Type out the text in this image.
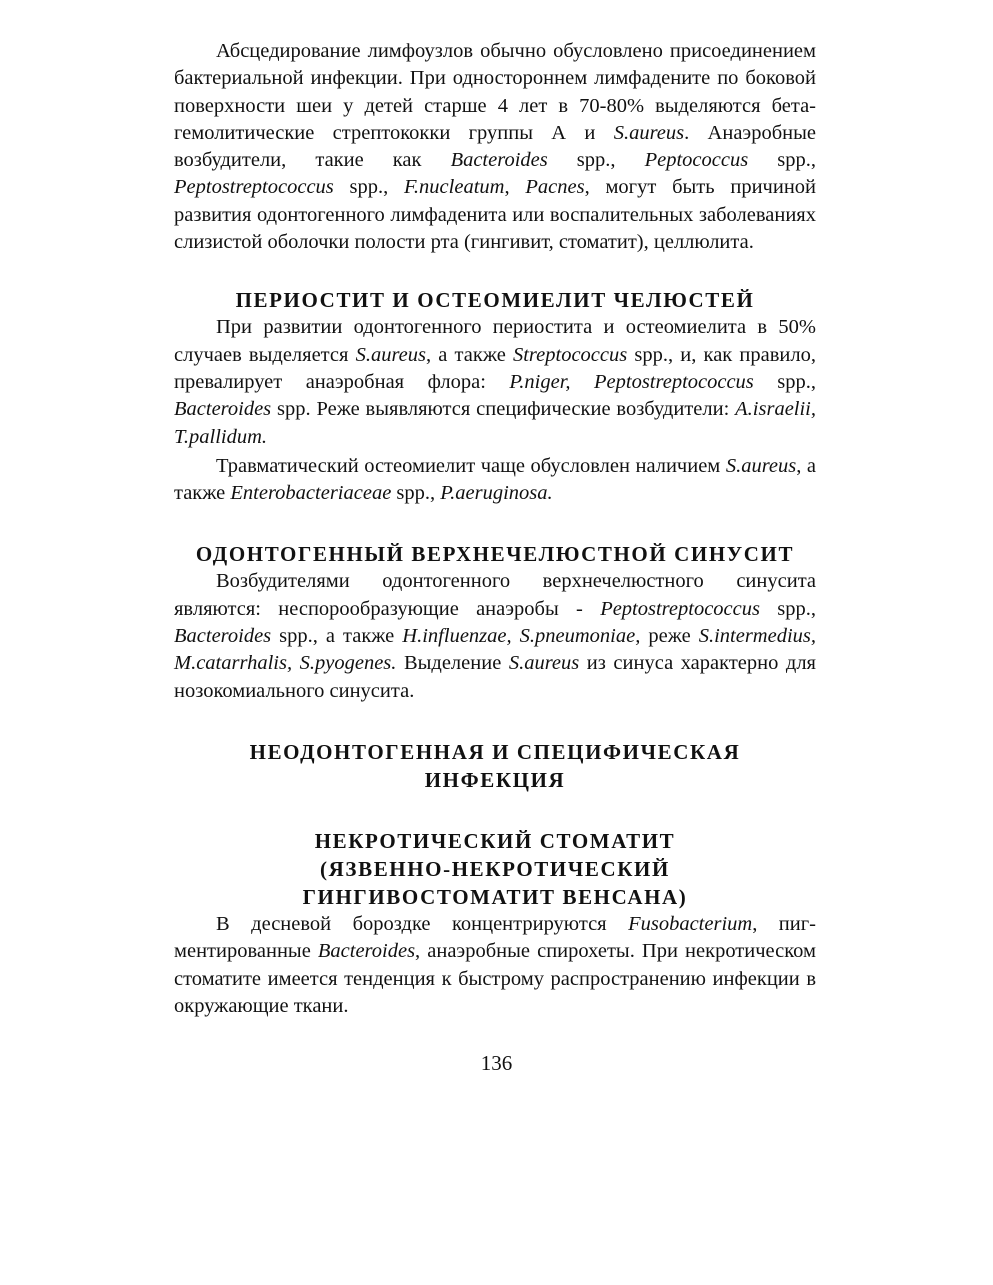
Абсцедирование лимфоузлов обычно обусловлено присоединением бактериальной инфекции. При одностороннем лимфадените по боковой поверхности шеи у детей старше 4 лет в 70-80% выделяются бета-гемолитические стрептококки группы А и S.aureus. Анаэробные возбудители, такие как Bacteroides spp., Peptococcus spp., Peptostreptococcus spp., F.nucleatum, Pacnes, могут быть причиной развития одонтогенного лимфаденита или воспалительных заболеваниях слизистой оболочки полости рта (гингивит, стоматит), целлюлита.

ПЕРИОСТИТ И ОСТЕОМИЕЛИТ ЧЕЛЮСТЕЙ

При развитии одонтогенного периостита и остеомиелита в 50% случаев выделяется S.aureus, а также Streptococcus spp., и, как правило, превалирует анаэробная флора: P.niger, Peptostreptococcus spp., Bacteroides spp. Реже выявляются специфические возбудители: A.israelii, T.pallidum.

Травматический остеомиелит чаще обусловлен наличием S.aureus, а также Enterobacteriaceae spp., P.aeruginosa.

ОДОНТОГЕННЫЙ ВЕРХНЕЧЕЛЮСТНОЙ СИНУСИТ

Возбудителями одонтогенного верхнечелюстного синусита являются: неспорообразующие анаэробы - Peptostreptococcus spp., Bacteroides spp., а также H.influenzae, S.pneumoniae, реже S.intermedius, M.catarrhalis, S.pyogenes. Выделение S.aureus из синуса характерно для нозокомиального синусита.

НЕОДОНТОГЕННАЯ И СПЕЦИФИЧЕСКАЯ
ИНФЕКЦИЯ
НЕКРОТИЧЕСКИЙ СТОМАТИТ
(ЯЗВЕННО-НЕКРОТИЧЕСКИЙ
ГИНГИВОСТОМАТИТ ВЕНСАНА)

В десневой бороздке концентрируются Fusobacterium, пигментированные Bacteroides, анаэробные спирохеты. При некротическом стоматите имеется тенденция к быстрому распространению инфекции в окружающие ткани.

136
